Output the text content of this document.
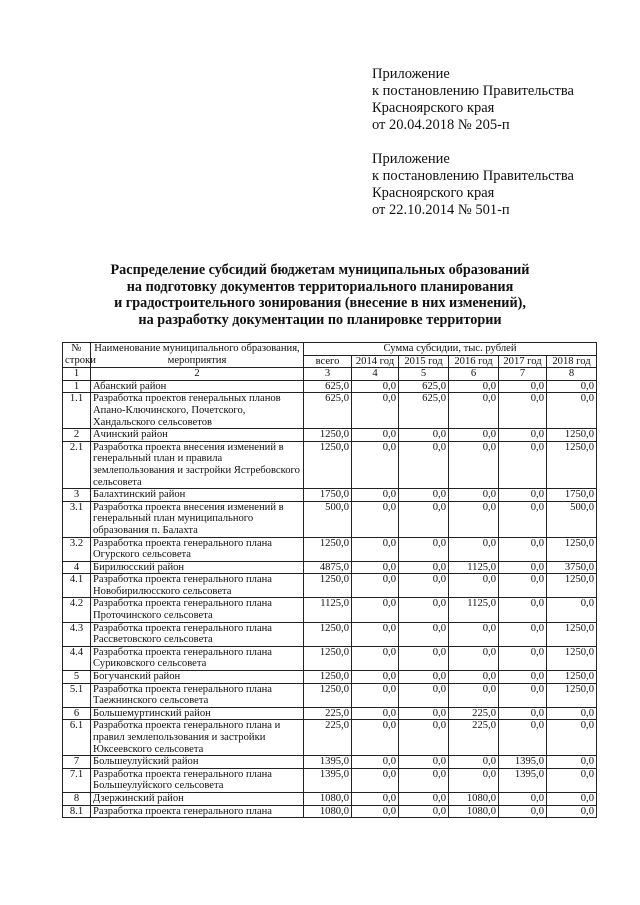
Приложение
к постановлению Правительства
Красноярского края
от 20.04.2018 № 205-п
Приложение
к постановлению Правительства
Красноярского края
от 22.10.2014 № 501-п
Распределение субсидий бюджетам муниципальных образований
на подготовку документов территориального планирования
и градостроительного зонирования (внесение в них изменений),
на разработку документации по планировке территории
№ строки	Наименование муниципального образования, мероприятия	Сумма субсидии, тыс. рублей					
		всего	2014 год	2015 год	2016 год	2017 год	2018 год
1	2	3	4	5	6	7	8
1	Абанский район	625,0	0,0	625,0	0,0	0,0	0,0
1.1	Разработка проектов генеральных планов Апано-Ключинского, Почетского, Хандальского сельсоветов	625,0	0,0	625,0	0,0	0,0	0,0
2	Ачинский район	1250,0	0,0	0,0	0,0	0,0	1250,0
2.1	Разработка проекта внесения изменений в генеральный план и правила землепользования и застройки Ястребовского сельсовета	1250,0	0,0	0,0	0,0	0,0	1250,0
3	Балахтинский район	1750,0	0,0	0,0	0,0	0,0	1750,0
3.1	Разработка проекта внесения изменений в генеральный план муниципального образования п. Балахта	500,0	0,0	0,0	0,0	0,0	500,0
3.2	Разработка проекта генерального плана Огурского сельсовета	1250,0	0,0	0,0	0,0	0,0	1250,0
4	Бирилюсский район	4875,0	0,0	0,0	1125,0	0,0	3750,0
4.1	Разработка проекта генерального плана Новобирилюсского сельсовета	1250,0	0,0	0,0	0,0	0,0	1250,0
4.2	Разработка проекта генерального плана Проточинского сельсовета	1125,0	0,0	0,0	1125,0	0,0	0,0
4.3	Разработка проекта генерального плана Рассветовского сельсовета	1250,0	0,0	0,0	0,0	0,0	1250,0
4.4	Разработка проекта генерального плана Суриковского сельсовета	1250,0	0,0	0,0	0,0	0,0	1250,0
5	Богучанский район	1250,0	0,0	0,0	0,0	0,0	1250,0
5.1	Разработка проекта генерального плана Таежнинского сельсовета	1250,0	0,0	0,0	0,0	0,0	1250,0
6	Большемуртинский район	225,0	0,0	0,0	225,0	0,0	0,0
6.1	Разработка проекта генерального плана и правил землепользования и застройки Юксеевского сельсовета	225,0	0,0	0,0	225,0	0,0	0,0
7	Большеулуйский район	1395,0	0,0	0,0	0,0	1395,0	0,0
7.1	Разработка проекта генерального плана Большеулуйского сельсовета	1395,0	0,0	0,0	0,0	1395,0	0,0
8	Дзержинский район	1080,0	0,0	0,0	1080,0	0,0	0,0
8.1	Разработка проекта генерального плана	1080,0	0,0	0,0	1080,0	0,0	0,0
